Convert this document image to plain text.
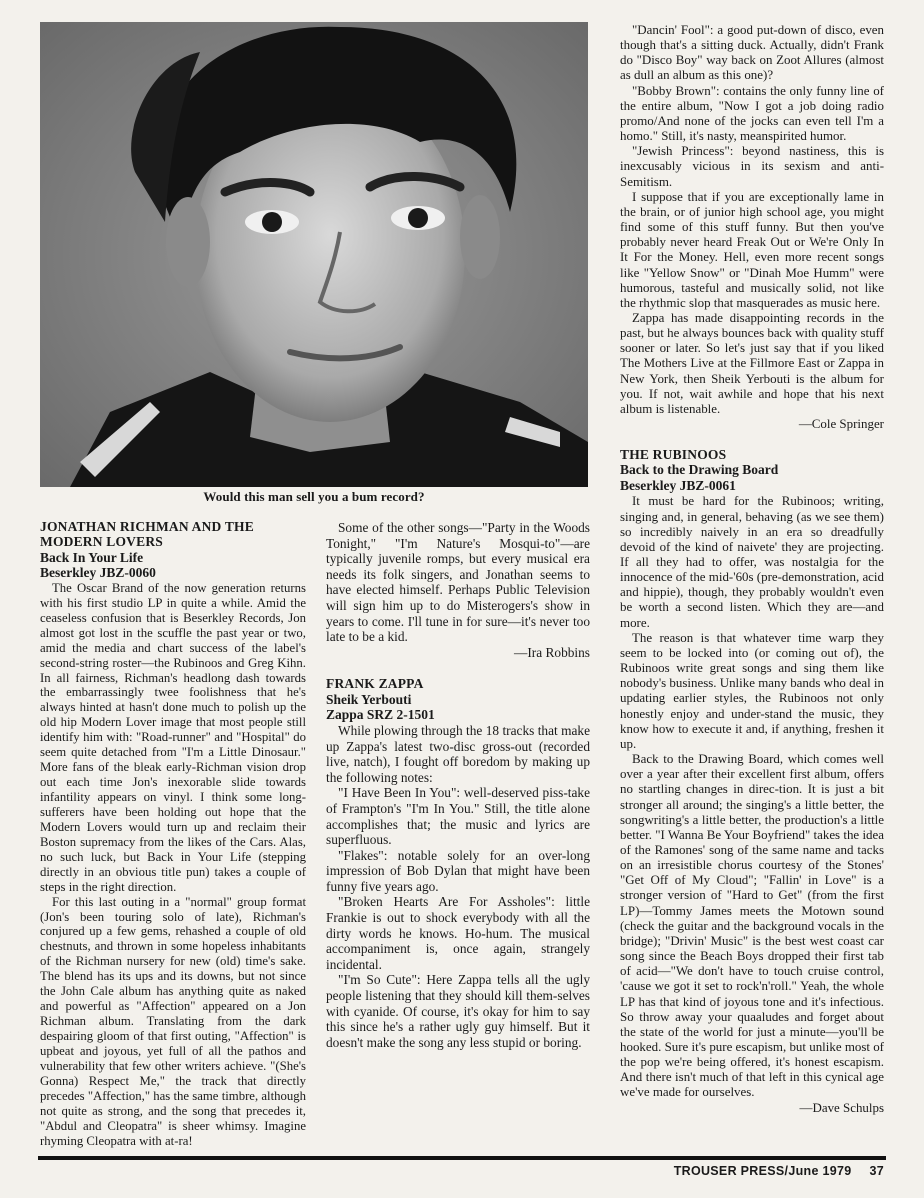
Would this man sell you a bum record?
JONATHAN RICHMAN AND THE MODERN LOVERS
Back In Your Life
Beserkley JBZ-0060

The Oscar Brand of the now generation returns with his first studio LP in quite a while. Amid the ceaseless confusion that is Beserkley Records, Jon almost got lost in the scuffle the past year or two, amid the media and chart success of the label's second-string roster—the Rubinoos and Greg Kihn. In all fairness, Richman's headlong dash towards the embarrassingly twee foolishness that he's always hinted at hasn't done much to polish up the old hip Modern Lover image that most people still identify him with: "Road-runner" and "Hospital" do seem quite detached from "I'm a Little Dinosaur." More fans of the bleak early-Richman vision drop out each time Jon's inexorable slide towards infantility appears on vinyl. I think some long-sufferers have been holding out hope that the Modern Lovers would turn up and reclaim their Boston supremacy from the likes of the Cars. Alas, no such luck, but Back in Your Life (stepping directly in an obvious title pun) takes a couple of steps in the right direction.

For this last outing in a "normal" group format (Jon's been touring solo of late), Richman's conjured up a few gems, rehashed a couple of old chestnuts, and thrown in some hopeless inhabitants of the Richman nursery for new (old) time's sake. The blend has its ups and its downs, but not since the John Cale album has anything quite as naked and powerful as "Affection" appeared on a Jon Richman album. Translating from the dark despairing gloom of that first outing, "Affection" is upbeat and joyous, yet full of all the pathos and vulnerability that few other writers achieve. "(She's Gonna) Respect Me," the track that directly precedes "Affection," has the same timbre, although not quite as strong, and the song that precedes it, "Abdul and Cleopatra" is sheer whimsy. Imagine rhyming Cleopatra with at-ra!

Some of the other songs—"Party in the Woods Tonight," "I'm Nature's Mosqui-to"—are typically juvenile romps, but every musical era needs its folk singers, and Jonathan seems to have elected himself. Perhaps Public Television will sign him up to do Misterogers's show in years to come. I'll tune in for sure—it's never too late to be a kid.

—Ira Robbins

FRANK ZAPPA
Sheik Yerbouti
Zappa SRZ 2-1501

While plowing through the 18 tracks that make up Zappa's latest two-disc gross-out (recorded live, natch), I fought off boredom by making up the following notes:

"I Have Been In You": well-deserved piss-take of Frampton's "I'm In You." Still, the title alone accomplishes that; the music and lyrics are superfluous.

"Flakes": notable solely for an over-long impression of Bob Dylan that might have been funny five years ago.

"Broken Hearts Are For Assholes": little Frankie is out to shock everybody with all the dirty words he knows. Ho-hum. The musical accompaniment is, once again, strangely incidental.

"I'm So Cute": Here Zappa tells all the ugly people listening that they should kill them-selves with cyanide. Of course, it's okay for him to say this since he's a rather ugly guy himself. But it doesn't make the song any less stupid or boring.

"Dancin' Fool": a good put-down of disco, even though that's a sitting duck. Actually, didn't Frank do "Disco Boy" way back on Zoot Allures (almost as dull an album as this one)?

"Bobby Brown": contains the only funny line of the entire album, "Now I got a job doing radio promo/And none of the jocks can even tell I'm a homo." Still, it's nasty, meanspirited humor.

"Jewish Princess": beyond nastiness, this is inexcusably vicious in its sexism and anti-Semitism.

I suppose that if you are exceptionally lame in the brain, or of junior high school age, you might find some of this stuff funny. But then you've probably never heard Freak Out or We're Only In It For the Money. Hell, even more recent songs like "Yellow Snow" or "Dinah Moe Humm" were humorous, tasteful and musically solid, not like the rhythmic slop that masquerades as music here.

Zappa has made disappointing records in the past, but he always bounces back with quality stuff sooner or later. So let's just say that if you liked The Mothers Live at the Fillmore East or Zappa in New York, then Sheik Yerbouti is the album for you. If not, wait awhile and hope that his next album is listenable.

—Cole Springer

THE RUBINOOS
Back to the Drawing Board
Beserkley JBZ-0061

It must be hard for the Rubinoos; writing, singing and, in general, behaving (as we see them) so incredibly naively in an era so dreadfully devoid of the kind of naivete' they are projecting. If all they had to offer, was nostalgia for the innocence of the mid-'60s (pre-demonstration, acid and hippie), though, they probably wouldn't even be worth a second listen. Which they are—and more.

The reason is that whatever time warp they seem to be locked into (or coming out of), the Rubinoos write great songs and sing them like nobody's business. Unlike many bands who deal in updating earlier styles, the Rubinoos not only honestly enjoy and under-stand the music, they know how to execute it and, if anything, freshen it up.

Back to the Drawing Board, which comes well over a year after their excellent first album, offers no startling changes in direc-tion. It is just a bit stronger all around; the singing's a little better, the songwriting's a little better, the production's a little better. "I Wanna Be Your Boyfriend" takes the idea of the Ramones' song of the same name and tacks on an irresistible chorus courtesy of the Stones' "Get Off of My Cloud"; "Fallin' in Love" is a stronger version of "Hard to Get" (from the first LP)—Tommy James meets the Motown sound (check the guitar and the background vocals in the bridge); "Drivin' Music" is the best west coast car song since the Beach Boys dropped their first tab of acid—"We don't have to touch cruise control, 'cause we got it set to rock'n'roll." Yeah, the whole LP has that kind of joyous tone and it's infectious. So throw away your quaaludes and forget about the state of the world for just a minute—you'll be hooked. Sure it's pure escapism, but unlike most of the pop we're being offered, it's honest escapism. And there isn't much of that left in this cynical age we've made for ourselves.

—Dave Schulps

TROUSER PRESS/June 1979 37
